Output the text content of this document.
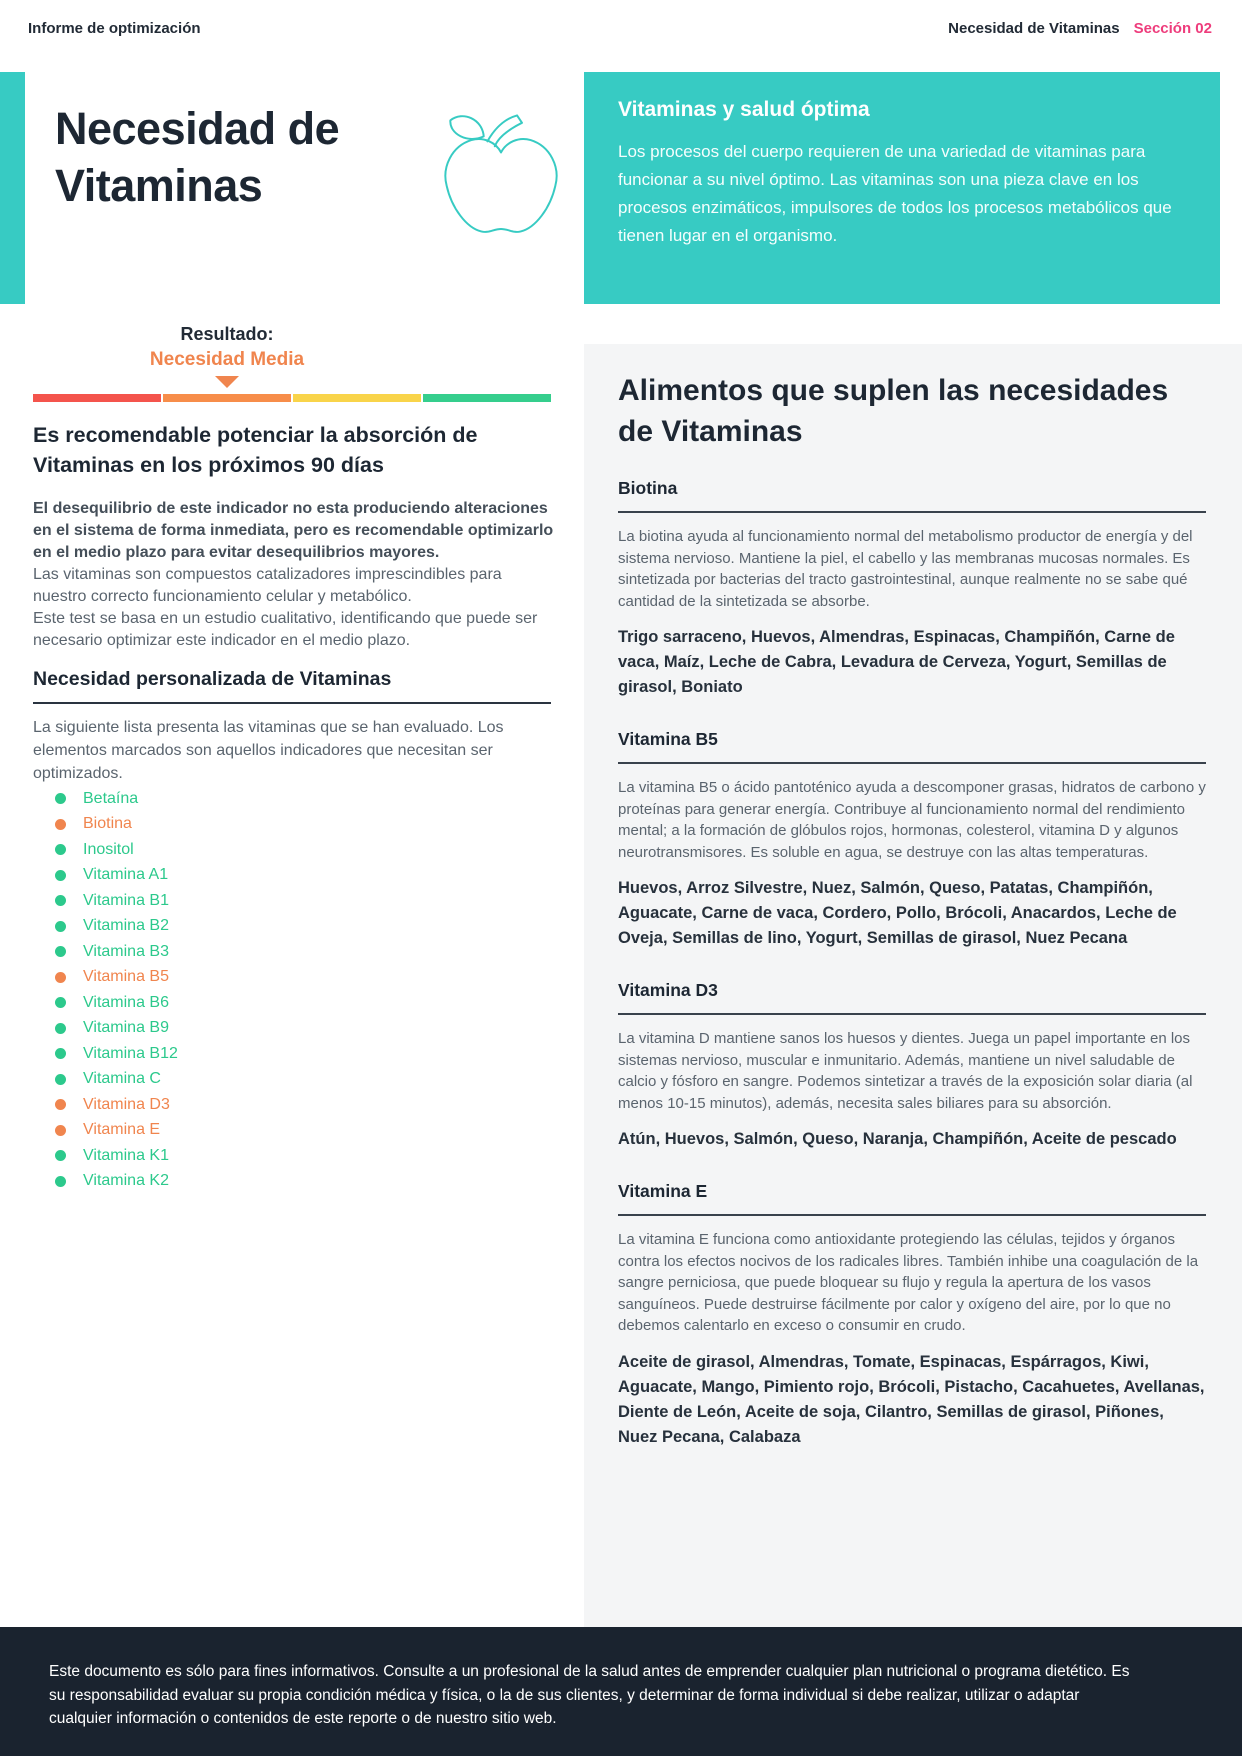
Informe de optimización	Necesidad de Vitaminas Sección 02
Necesidad de
Vitaminas
Vitaminas y salud óptima

Los procesos del cuerpo requieren de una variedad de vitaminas para funcionar a su nivel óptimo. Las vitaminas son una pieza clave en los procesos enzimáticos, impulsores de todos los procesos metabólicos que tienen lugar en el organismo.

Resultado:
Necesidad Media
Es recomendable potenciar la absorción de Vitaminas en los próximos 90 días
El desequilibrio de este indicador no esta produciendo alteraciones en el sistema de forma inmediata, pero es recomendable optimizarlo en el medio plazo para evitar desequilibrios mayores.
Las vitaminas son compuestos catalizadores imprescindibles para nuestro correcto funcionamiento celular y metabólico.
Este test se basa en un estudio cualitativo, identificando que puede ser necesario optimizar este indicador en el medio plazo.
Necesidad personalizada de Vitaminas

La siguiente lista presenta las vitaminas que se han evaluado. Los elementos marcados son aquellos indicadores que necesitan ser optimizados.

Betaína
Biotina
Inositol
Vitamina A1
Vitamina B1
Vitamina B2
Vitamina B3
Vitamina B5
Vitamina B6
Vitamina B9
Vitamina B12
Vitamina C
Vitamina D3
Vitamina E
Vitamina K1
Vitamina K2
Alimentos que suplen las necesidades de Vitaminas
Biotina

La biotina ayuda al funcionamiento normal del metabolismo productor de energía y del sistema nervioso. Mantiene la piel, el cabello y las membranas mucosas normales. Es sintetizada por bacterias del tracto gastrointestinal, aunque realmente no se sabe qué cantidad de la sintetizada se absorbe.

Trigo sarraceno, Huevos, Almendras, Espinacas, Champiñón, Carne de vaca, Maíz, Leche de Cabra, Levadura de Cerveza, Yogurt, Semillas de girasol, Boniato

Vitamina B5

La vitamina B5 o ácido pantoténico ayuda a descomponer grasas, hidratos de carbono y proteínas para generar energía. Contribuye al funcionamiento normal del rendimiento mental; a la formación de glóbulos rojos, hormonas, colesterol, vitamina D y algunos neurotransmisores. Es soluble en agua, se destruye con las altas temperaturas.

Huevos, Arroz Silvestre, Nuez, Salmón, Queso, Patatas, Champiñón, Aguacate, Carne de vaca, Cordero, Pollo, Brócoli, Anacardos, Leche de Oveja, Semillas de lino, Yogurt, Semillas de girasol, Nuez Pecana

Vitamina D3

La vitamina D mantiene sanos los huesos y dientes. Juega un papel importante en los sistemas nervioso, muscular e inmunitario. Además, mantiene un nivel saludable de calcio y fósforo en sangre. Podemos sintetizar a través de la exposición solar diaria (al menos 10-15 minutos), además, necesita sales biliares para su absorción.

Atún, Huevos, Salmón, Queso, Naranja, Champiñón, Aceite de pescado

Vitamina E

La vitamina E funciona como antioxidante protegiendo las células, tejidos y órganos contra los efectos nocivos de los radicales libres. También inhibe una coagulación de la sangre perniciosa, que puede bloquear su flujo y regula la apertura de los vasos sanguíneos. Puede destruirse fácilmente por calor y oxígeno del aire, por lo que no debemos calentarlo en exceso o consumir en crudo.

Aceite de girasol, Almendras, Tomate, Espinacas, Espárragos, Kiwi, Aguacate, Mango, Pimiento rojo, Brócoli, Pistacho, Cacahuetes, Avellanas, Diente de León, Aceite de soja, Cilantro, Semillas de girasol, Piñones, Nuez Pecana, Calabaza

Este documento es sólo para fines informativos. Consulte a un profesional de la salud antes de emprender cualquier plan nutricional o programa dietético. Es su responsabilidad evaluar su propia condición médica y física, o la de sus clientes, y determinar de forma individual si debe realizar, utilizar o adaptar cualquier información o contenidos de este reporte o de nuestro sitio web.
